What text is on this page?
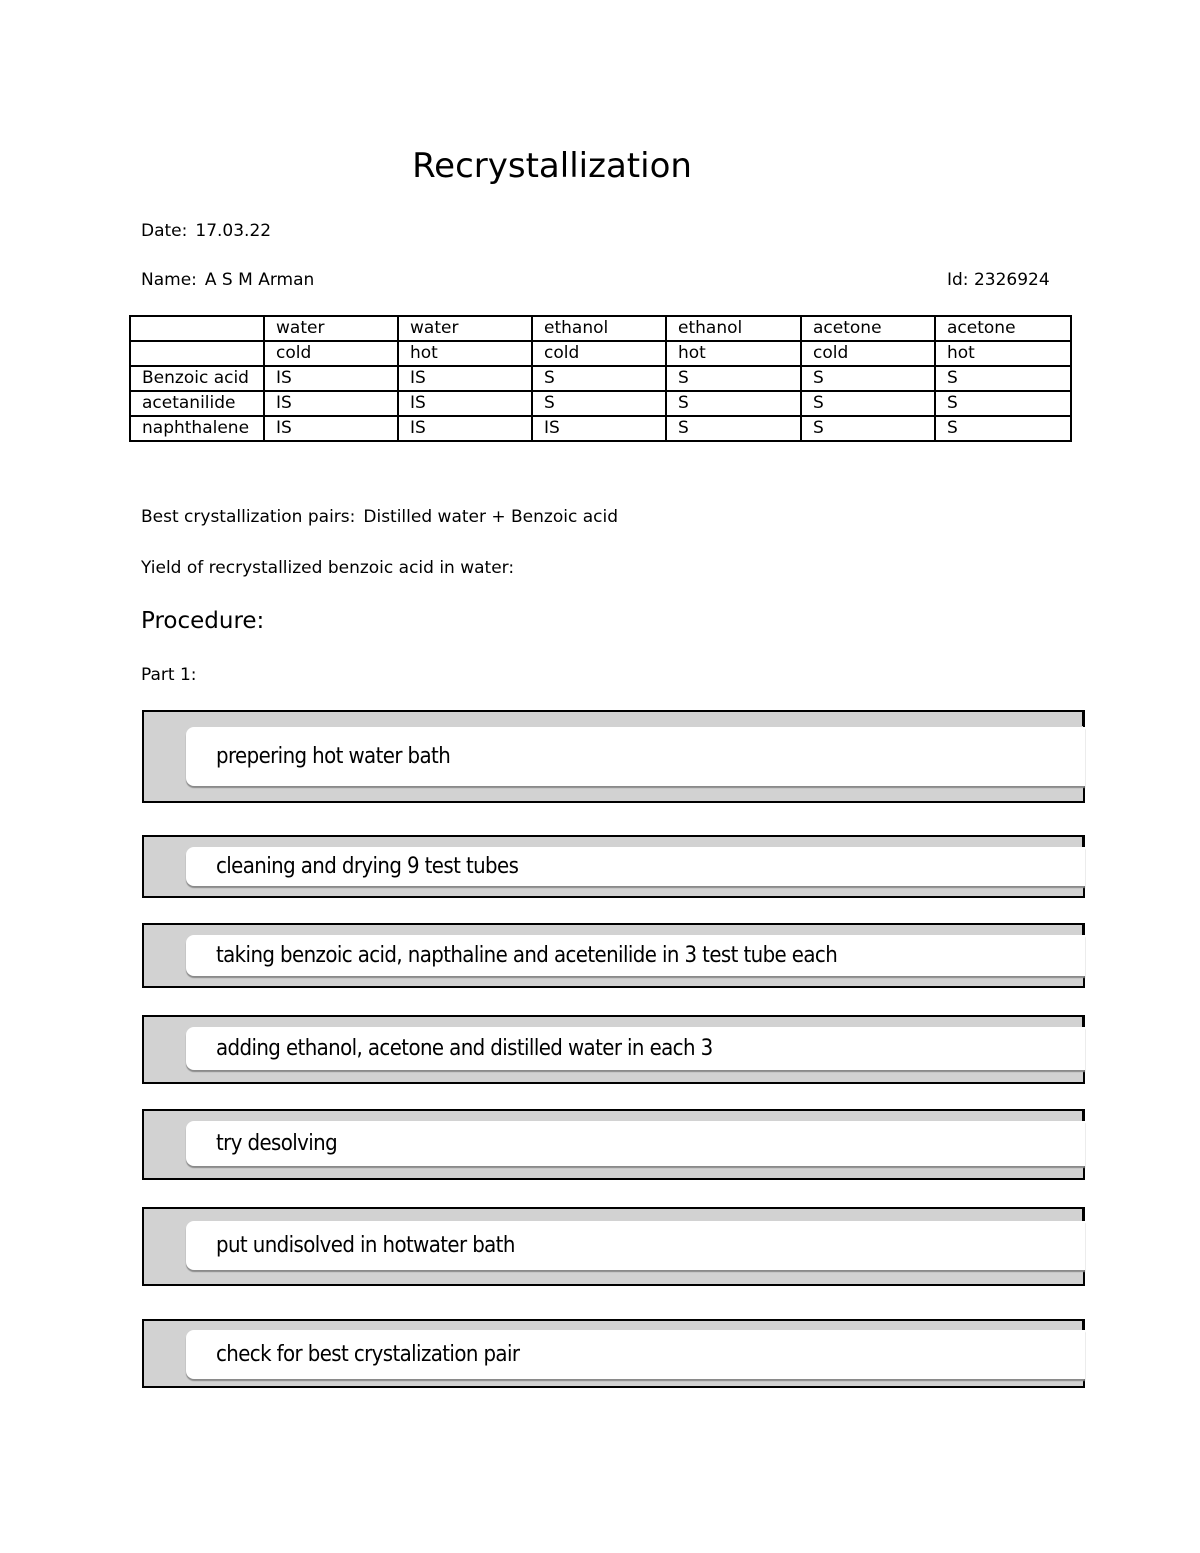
Recrystallization
Date: 17.03.22
Name: A S M Arman	Id: 2326924
	water	water	ethanol	ethanol	acetone	acetone
	cold	hot	cold	hot	cold	hot
Benzoic acid	IS	IS	S	S	S	S
acetanilide	IS	IS	S	S	S	S
naphthalene	IS	IS	IS	S	S	S
Best crystallization pairs: Distilled water + Benzoic acid
Yield of recrystallized benzoic acid in water:
Procedure:
Part 1:
prepering hot water bath
cleaning and drying 9 test tubes
taking benzoic acid, napthaline and acetenilide in 3 test tube each
adding ethanol, acetone and distilled water in each 3
try desolving
put undisolved in hotwater bath
check for best crystalization pair
